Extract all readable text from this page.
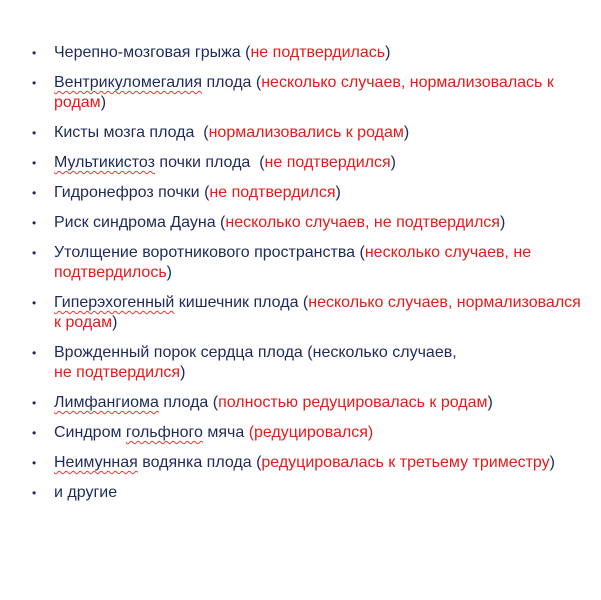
• Черепно-мозговая грыжа (не подтвердилась)
• Вентрикуломегалия плода (несколько случаев, нормализовалась к родам)
• Кисты мозга плода  (нормализовались к родам)
• Мультикистоз почки плода  (не подтвердился)
• Гидронефроз почки (не подтвердился)
• Риск синдрома Дауна (несколько случаев, не подтвердился)
• Утолщение воротникового пространства (несколько случаев, не подтвердилось)
• Гиперэхогенный кишечник плода (несколько случаев, нормализовался к родам)
• Врожденный порок сердца плода (несколько случаев,
не подтвердился)
• Лимфангиома плода (полностью редуцировалась к родам)
• Синдром гольфного мяча (редуцировался)
• Неимунная водянка плода (редуцировалась к третьему триместру)
• и другие
